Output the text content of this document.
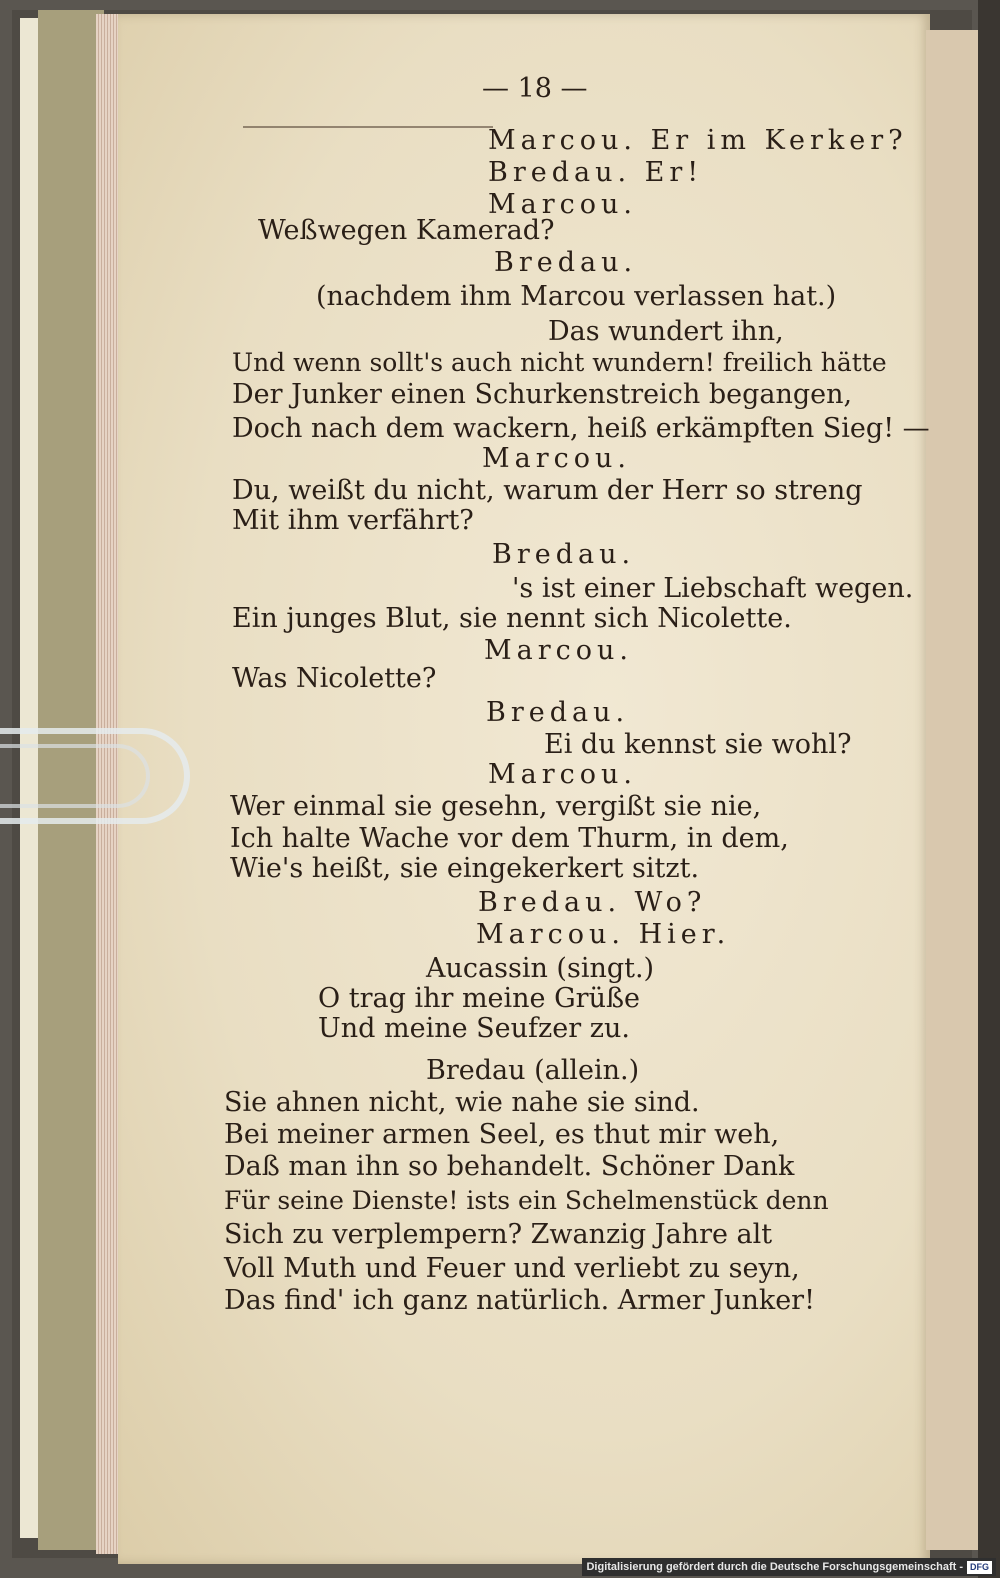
— 18 —
Marcou. Er im Kerker?
Bredau. Er!
Marcou.
Weßwegen Kamerad?
Bredau.
(nachdem ihm Marcou verlassen hat.)
Das wundert ihn,
Und wenn sollt's auch nicht wundern! freilich hätte
Der Junker einen Schurkenstreich begangen,
Doch nach dem wackern, heiß erkämpften Sieg! —
Marcou.
Du, weißt du nicht, warum der Herr so streng
Mit ihm verfährt?
Bredau.
's ist einer Liebschaft wegen.
Ein junges Blut, sie nennt sich Nicolette.
Marcou.
Was Nicolette?
Bredau.
Ei du kennst sie wohl?
Marcou.
Wer einmal sie gesehn, vergißt sie nie,
Ich halte Wache vor dem Thurm, in dem,
Wie's heißt, sie eingekerkert sitzt.
Bredau. Wo?
Marcou. Hier.
Aucassin (singt.)
O trag ihr meine Grüße
Und meine Seufzer zu.
Bredau (allein.)
Sie ahnen nicht, wie nahe sie sind.
Bei meiner armen Seel, es thut mir weh,
Daß man ihn so behandelt. Schöner Dank
Für seine Dienste! ists ein Schelmenstück denn
Sich zu verplempern? Zwanzig Jahre alt
Voll Muth und Feuer und verliebt zu seyn,
Das find' ich ganz natürlich. Armer Junker!
Digitalisierung gefördert durch die Deutsche Forschungsgemeinschaft - DFG
